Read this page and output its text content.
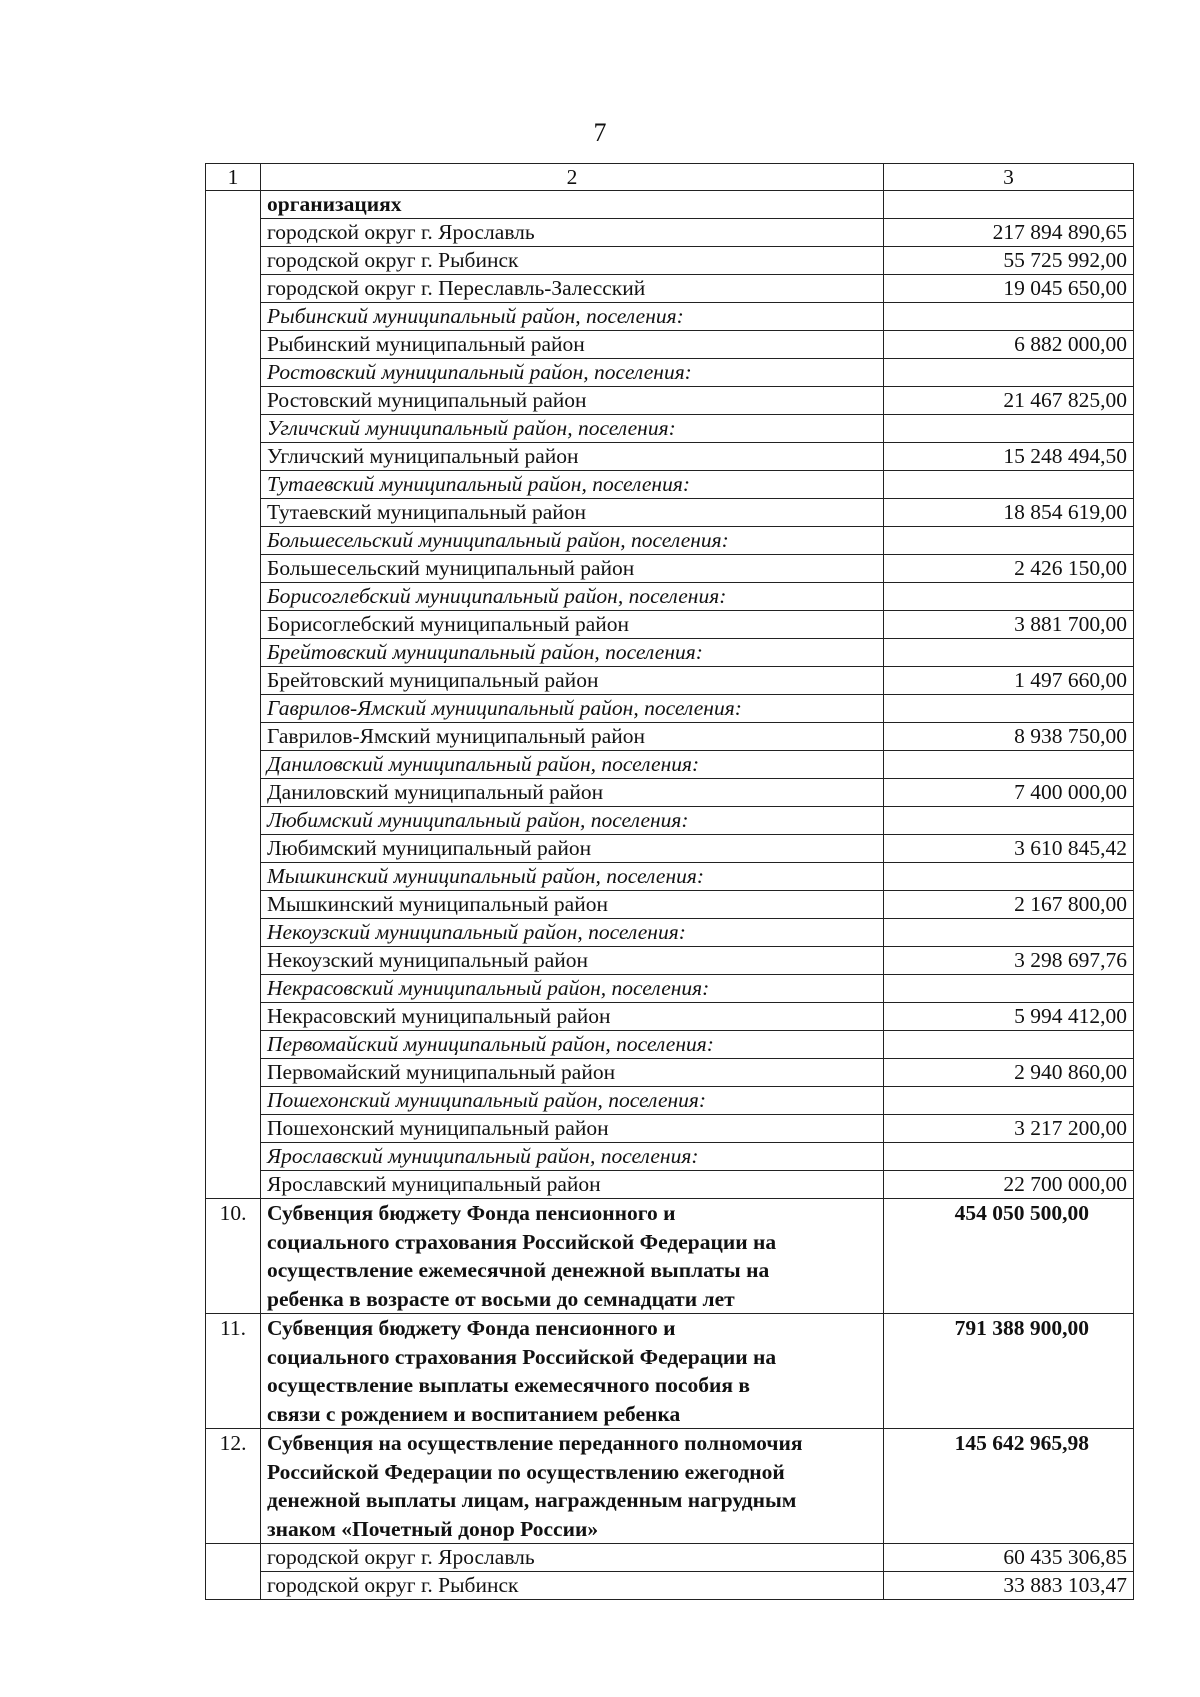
7
1	2	3
	организациях	
	городской округ г. Ярославль	217 894 890,65
	городской округ г. Рыбинск	55 725 992,00
	городской округ г. Переславль-Залесский	19 045 650,00
	Рыбинский муниципальный район, поселения:	
	Рыбинский муниципальный район	6 882 000,00
	Ростовский муниципальный район, поселения:	
	Ростовский муниципальный район	21 467 825,00
	Угличский муниципальный район, поселения:	
	Угличский муниципальный район	15 248 494,50
	Тутаевский муниципальный район, поселения:	
	Тутаевский муниципальный район	18 854 619,00
	Большесельский муниципальный район, поселения:	
	Большесельский муниципальный район	2 426 150,00
	Борисоглебский муниципальный район, поселения:	
	Борисоглебский муниципальный район	3 881 700,00
	Брейтовский муниципальный район, поселения:	
	Брейтовский муниципальный район	1 497 660,00
	Гаврилов-Ямский муниципальный район, поселения:	
	Гаврилов-Ямский муниципальный район	8 938 750,00
	Даниловский муниципальный район, поселения:	
	Даниловский муниципальный район	7 400 000,00
	Любимский муниципальный район, поселения:	
	Любимский муниципальный район	3 610 845,42
	Мышкинский муниципальный район, поселения:	
	Мышкинский муниципальный район	2 167 800,00
	Некоузский муниципальный район, поселения:	
	Некоузский муниципальный район	3 298 697,76
	Некрасовский муниципальный район, поселения:	
	Некрасовский муниципальный район	5 994 412,00
	Первомайский муниципальный район, поселения:	
	Первомайский муниципальный район	2 940 860,00
	Пошехонский муниципальный район, поселения:	
	Пошехонский муниципальный район	3 217 200,00
	Ярославский муниципальный район, поселения:	
	Ярославский муниципальный район	22 700 000,00
10.	Субвенция бюджету Фонда пенсионного и
социального страхования Российской Федерации на
осуществление ежемесячной денежной выплаты на
ребенка в возрасте от восьми до семнадцати лет	454 050 500,00
11.	Субвенция бюджету Фонда пенсионного и
социального страхования Российской Федерации на
осуществление выплаты ежемесячного пособия в
связи с рождением и воспитанием ребенка	791 388 900,00
12.	Субвенция на осуществление переданного полномочия
Российской Федерации по осуществлению ежегодной
денежной выплаты лицам, награжденным нагрудным
знаком «Почетный донор России»	145 642 965,98
	городской округ г. Ярославль	60 435 306,85
	городской округ г. Рыбинск	33 883 103,47
